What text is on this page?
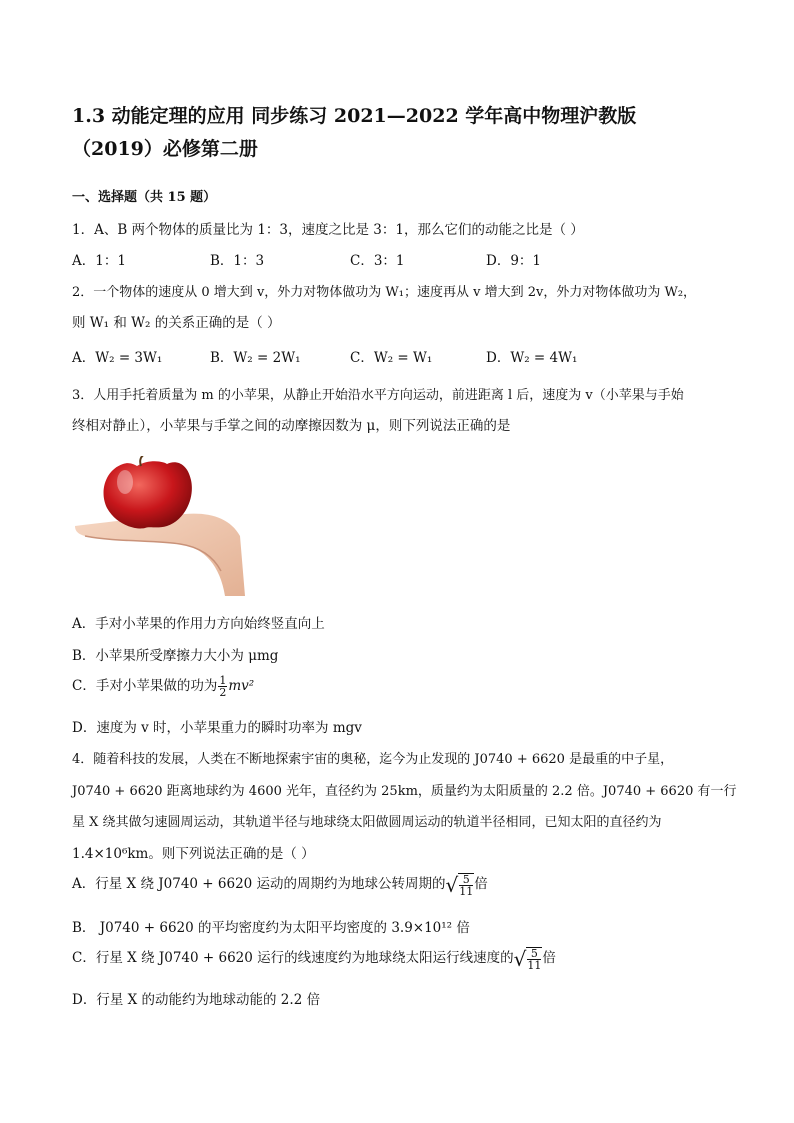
1.3 动能定理的应用 同步练习 2021—2022 学年高中物理沪教版
（2019）必修第二册
一、选择题（共 15 题）
1．A、B 两个物体的质量比为 1：3，速度之比是 3：1，那么它们的动能之比是（ ）
A．1：1	B．1：3	C．3：1	D．9：1
2．一个物体的速度从 0 增大到 v，外力对物体做功为 W₁；速度再从 v 增大到 2v，外力对物体做功为 W₂，
则 W₁ 和 W₂ 的关系正确的是（ ）
A．W₂ = 3W₁	B．W₂ = 2W₁	C．W₂ = W₁	D．W₂ = 4W₁
3．人用手托着质量为 m 的小苹果，从静止开始沿水平方向运动，前进距离 l 后，速度为 v（小苹果与手始
终相对静止），小苹果与手掌之间的动摩擦因数为 μ，则下列说法正确的是
A．手对小苹果的作用力方向始终竖直向上
B．小苹果所受摩擦力大小为 μmg
C．手对小苹果做的功为 $\frac{1}{2} mv^2$
D．速度为 v 时，小苹果重力的瞬时功率为 mgv
4．随着科技的发展，人类在不断地探索宇宙的奥秘，迄今为止发现的 J0740 + 6620 是最重的中子星，
J0740 + 6620 距离地球约为 4600 光年，直径约为 25km，质量约为太阳质量的 2.2 倍。J0740 + 6620 有一行
星 X 绕其做匀速圆周运动，其轨道半径与地球绕太阳做圆周运动的轨道半径相同，已知太阳的直径约为
1.4×10⁶km。则下列说法正确的是（ ）
A．行星 X 绕 J0740 + 6620 运动的周期约为地球公转周期的√ $\frac{5}{11}$ 倍
B． J0740 + 6620 的平均密度约为太阳平均密度的 3.9×10¹² 倍
C．行星 X 绕 J0740 + 6620 运行的线速度约为地球绕太阳运行线速度的√ $\frac{5}{11}$ 倍
D．行星 X 的动能约为地球动能的 2.2 倍
